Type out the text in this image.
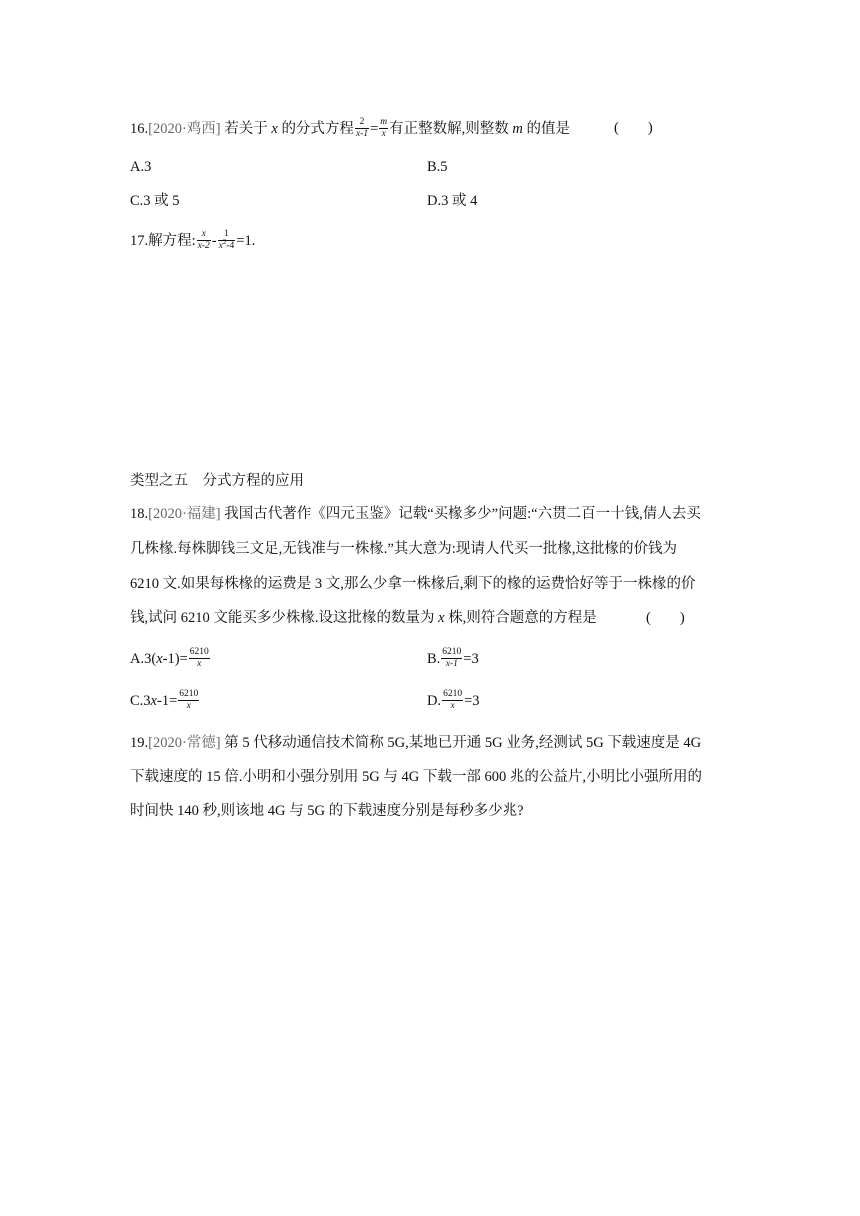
16.[2020·鸡西] 若关于 x 的分式方程 $\frac{2}{x-1} = \frac{m}{x}$ 有正整数解,则整数 m 的值是	(　　)
A.3	B.5
C.3 或 5	D.3 或 4
17.解方程: $\frac{x}{x-2} - \frac{1}{x^2-4} =1$.
类型之五　分式方程的应用
18.[2020·福建] 我国古代著作《四元玉鉴》记载“买椽多少”问题:“六贯二百一十钱,倩人去买
几株椽.每株脚钱三文足,无钱准与一株椽.”其大意为:现请人代买一批椽,这批椽的价钱为
6210 文.如果每株椽的运费是 3 文,那么少拿一株椽后,剩下的椽的运费恰好等于一株椽的价
钱,试问 6210 文能买多少株椽.设这批椽的数量为 x 株,则符合题意的方程是	(　　)
$A.3(x-1)= \frac{6210}{x}$	B. $\frac{6210}{x-1} =3$
$C.3x-1= \frac{6210}{x}$	D. $\frac{6210}{x} =3$
19.[2020·常德] 第 5 代移动通信技术简称 5G,某地已开通 5G 业务,经测试 5G 下载速度是 4G
下载速度的 15 倍.小明和小强分别用 5G 与 4G 下载一部 600 兆的公益片,小明比小强所用的
时间快 140 秒,则该地 4G 与 5G 的下载速度分别是每秒多少兆?
